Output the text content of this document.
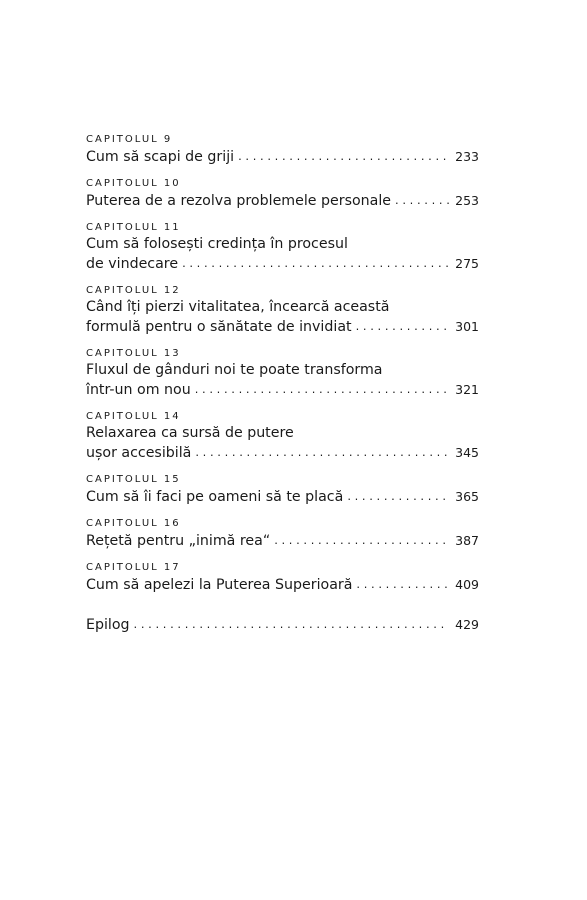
CAPITOLUL 9
Cum să scapi de griji . . .	233
CAPITOLUL 10
Puterea de a rezolva problemele personale . . .	253
CAPITOLUL 11
Cum să folosești credința în procesul
de vindecare . . .	275
CAPITOLUL 12
Când îți pierzi vitalitatea, încearcă această
formulă pentru o sănătate de invidiat . . .	301
CAPITOLUL 13
Fluxul de gânduri noi te poate transforma
într-un om nou . . .	321
CAPITOLUL 14
Relaxarea ca sursă de putere
ușor accesibilă . . .	345
CAPITOLUL 15
Cum să îi faci pe oameni să te placă . . .	365
CAPITOLUL 16
Rețetă pentru „inimă rea“ . . .	387
CAPITOLUL 17
Cum să apelezi la Puterea Superioară . . .	409
Epilog . . .	429
